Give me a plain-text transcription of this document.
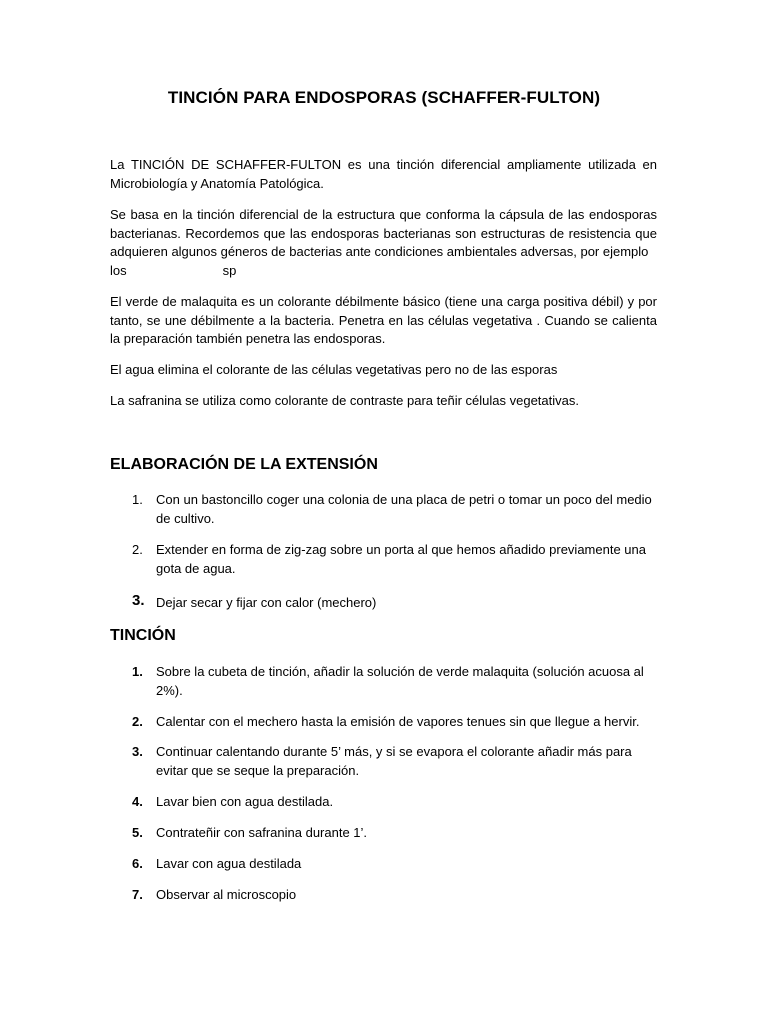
TINCIÓN PARA ENDOSPORAS (SCHAFFER-FULTON)

La TINCIÓN DE SCHAFFER-FULTON es una tinción diferencial ampliamente utilizada en Microbiología y Anatomía Patológica.

Se basa en la tinción diferencial de la estructura que conforma la cápsula de las endosporas bacterianas. Recordemos que las endosporas bacterianas son estructuras de resistencia que adquieren algunos géneros de bacterias ante condiciones ambientales adversas, por ejemplo
los	sp

El verde de malaquita es un colorante débilmente básico (tiene una carga positiva débil) y por tanto, se une débilmente a la bacteria. Penetra en las células vegetativa . Cuando se calienta la preparación también penetra las endosporas.

El agua elimina el colorante de las células vegetativas pero no de las esporas

La safranina se utiliza como colorante de contraste para teñir células vegetativas.

ELABORACIÓN DE LA EXTENSIÓN
1.	Con un bastoncillo coger una colonia de una placa de petri o tomar un poco del medio
de cultivo.
2.	Extender en forma de zig-zag sobre un porta al que hemos añadido previamente una
gota de agua.
3. Dejar secar y fijar con calor (mechero)
TINCIÓN
1.	Sobre la cubeta de tinción, añadir la solución de verde malaquita (solución acuosa al
2%).
2.	Calentar con el mechero hasta la emisión de vapores tenues sin que llegue a hervir.
3.	Continuar calentando durante 5’ más, y si se evapora el colorante añadir más para
evitar que se seque la preparación.
4.	Lavar bien con agua destilada.
5.	Contrateñir con safranina durante 1’.
6.	Lavar con agua destilada
7.	Observar al microscopio
